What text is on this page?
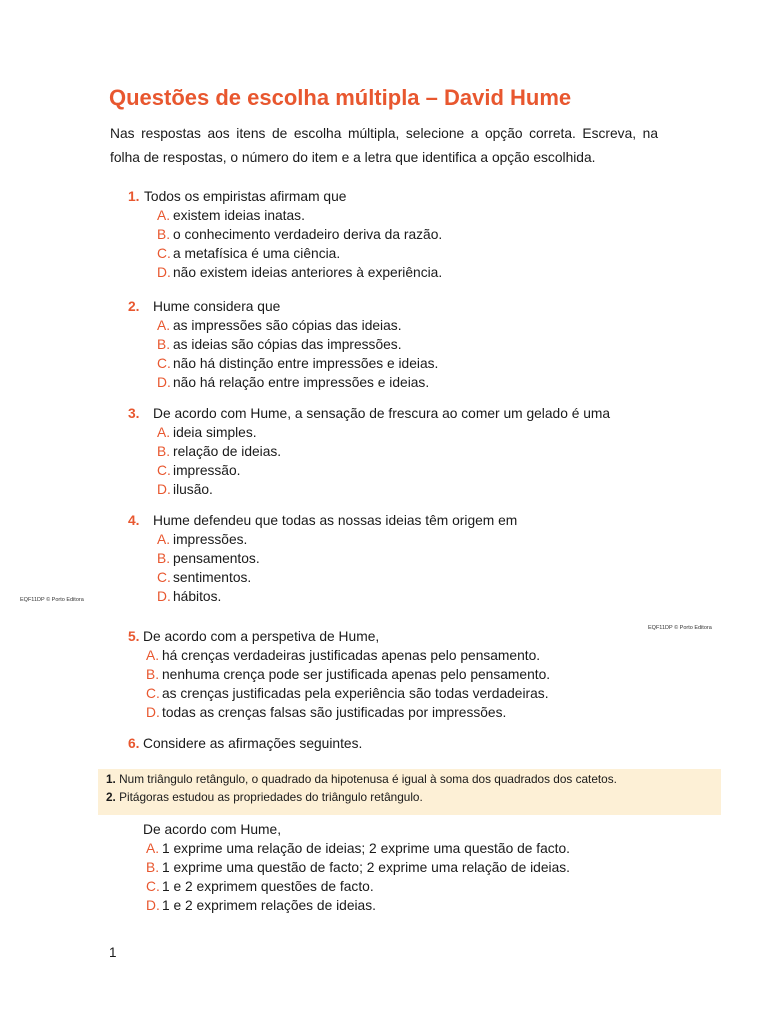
Questões de escolha múltipla – David Hume
Nas respostas aos itens de escolha múltipla, selecione a opção correta. Escreva, na folha de respostas, o número do item e a letra que identifica a opção escolhida.
1. Todos os empiristas afirmam que
A. existem ideias inatas.
B. o conhecimento verdadeiro deriva da razão.
C. a metafísica é uma ciência.
D. não existem ideias anteriores à experiência.
2. Hume considera que
A. as impressões são cópias das ideias.
B. as ideias são cópias das impressões.
C. não há distinção entre impressões e ideias.
D. não há relação entre impressões e ideias.
3. De acordo com Hume, a sensação de frescura ao comer um gelado é uma
A. ideia simples.
B. relação de ideias.
C. impressão.
D. ilusão.
4. Hume defendeu que todas as nossas ideias têm origem em
A. impressões.
B. pensamentos.
C. sentimentos.
D. hábitos.
EQF11DP © Porto Editora
EQF11DP © Porto Editora
5. De acordo com a perspetiva de Hume,
A. há crenças verdadeiras justificadas apenas pelo pensamento.
B. nenhuma crença pode ser justificada apenas pelo pensamento.
C. as crenças justificadas pela experiência são todas verdadeiras.
D. todas as crenças falsas são justificadas por impressões.
6. Considere as afirmações seguintes.
1. Num triângulo retângulo, o quadrado da hipotenusa é igual à soma dos quadrados dos catetos.
2. Pitágoras estudou as propriedades do triângulo retângulo.
De acordo com Hume,
A. 1 exprime uma relação de ideias; 2 exprime uma questão de facto.
B. 1 exprime uma questão de facto; 2 exprime uma relação de ideias.
C. 1 e 2 exprimem questões de facto.
D. 1 e 2 exprimem relações de ideias.
1
